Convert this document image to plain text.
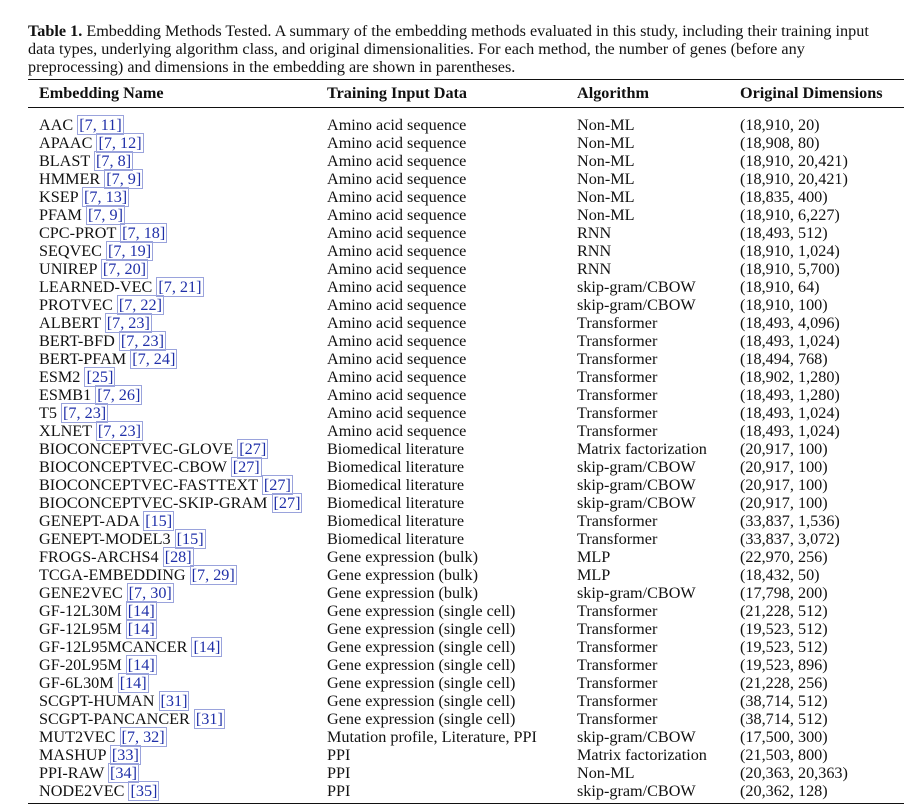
Table 1. Embedding Methods Tested. A summary of the embedding methods evaluated in this study, including their training input data types, underlying algorithm class, and original dimensionalities. For each method, the number of genes (before any preprocessing) and dimensions in the embedding are shown in parentheses.
Embedding Name	Training Input Data	Algorithm	Original Dimensions
AAC [7, 11]	Amino acid sequence	Non-ML	(18,910, 20)
APAAC [7, 12]	Amino acid sequence	Non-ML	(18,908, 80)
BLAST [7, 8]	Amino acid sequence	Non-ML	(18,910, 20,421)
HMMER [7, 9]	Amino acid sequence	Non-ML	(18,910, 20,421)
KSEP [7, 13]	Amino acid sequence	Non-ML	(18,835, 400)
PFAM [7, 9]	Amino acid sequence	Non-ML	(18,910, 6,227)
CPC-PROT [7, 18]	Amino acid sequence	RNN	(18,493, 512)
SEQVEC [7, 19]	Amino acid sequence	RNN	(18,910, 1,024)
UNIREP [7, 20]	Amino acid sequence	RNN	(18,910, 5,700)
LEARNED-VEC [7, 21]	Amino acid sequence	skip-gram/CBOW	(18,910, 64)
PROTVEC [7, 22]	Amino acid sequence	skip-gram/CBOW	(18,910, 100)
ALBERT [7, 23]	Amino acid sequence	Transformer	(18,493, 4,096)
BERT-BFD [7, 23]	Amino acid sequence	Transformer	(18,493, 1,024)
BERT-PFAM [7, 24]	Amino acid sequence	Transformer	(18,494, 768)
ESM2 [25]	Amino acid sequence	Transformer	(18,902, 1,280)
ESMB1 [7, 26]	Amino acid sequence	Transformer	(18,493, 1,280)
T5 [7, 23]	Amino acid sequence	Transformer	(18,493, 1,024)
XLNET [7, 23]	Amino acid sequence	Transformer	(18,493, 1,024)
BIOCONCEPTVEC-GLOVE [27]	Biomedical literature	Matrix factorization	(20,917, 100)
BIOCONCEPTVEC-CBOW [27]	Biomedical literature	skip-gram/CBOW	(20,917, 100)
BIOCONCEPTVEC-FASTTEXT [27]	Biomedical literature	skip-gram/CBOW	(20,917, 100)
BIOCONCEPTVEC-SKIP-GRAM [27]	Biomedical literature	skip-gram/CBOW	(20,917, 100)
GENEPT-ADA [15]	Biomedical literature	Transformer	(33,837, 1,536)
GENEPT-MODEL3 [15]	Biomedical literature	Transformer	(33,837, 3,072)
FROGS-ARCHS4 [28]	Gene expression (bulk)	MLP	(22,970, 256)
TCGA-EMBEDDING [7, 29]	Gene expression (bulk)	MLP	(18,432, 50)
GENE2VEC [7, 30]	Gene expression (bulk)	skip-gram/CBOW	(17,798, 200)
GF-12L30M [14]	Gene expression (single cell)	Transformer	(21,228, 512)
GF-12L95M [14]	Gene expression (single cell)	Transformer	(19,523, 512)
GF-12L95MCANCER [14]	Gene expression (single cell)	Transformer	(19,523, 512)
GF-20L95M [14]	Gene expression (single cell)	Transformer	(19,523, 896)
GF-6L30M [14]	Gene expression (single cell)	Transformer	(21,228, 256)
SCGPT-HUMAN [31]	Gene expression (single cell)	Transformer	(38,714, 512)
SCGPT-PANCANCER [31]	Gene expression (single cell)	Transformer	(38,714, 512)
MUT2VEC [7, 32]	Mutation profile, Literature, PPI	skip-gram/CBOW	(17,500, 300)
MASHUP [33]	PPI	Matrix factorization	(21,503, 800)
PPI-RAW [34]	PPI	Non-ML	(20,363, 20,363)
NODE2VEC [35]	PPI	skip-gram/CBOW	(20,362, 128)
